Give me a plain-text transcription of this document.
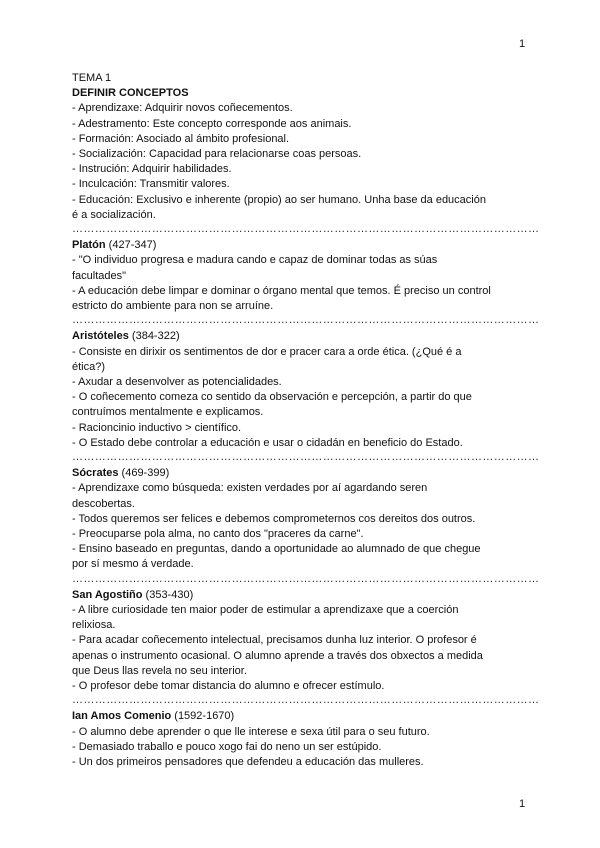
1
TEMA 1
DEFINIR CONCEPTOS
- Aprendizaxe: Adquirir novos coñecementos.
- Adestramento: Este concepto corresponde aos animais.
- Formación: Asociado al ámbito profesional.
- Socialización: Capacidad para relacionarse coas persoas.
- Instrución: Adquirir habilidades.
- Inculcación: Transmitir valores.
- Educación: Exclusivo e inherente (propio) ao ser humano. Unha base da educación é a socialización.
……………………………………………………………………………………………………………
Platón (427-347)
- "O individuo progresa e madura cando e capaz de dominar todas as súas facultades"
- A educación debe limpar e dominar o órgano mental que temos. É preciso un control estricto do ambiente para non se arruíne.
……………………………………………………………………………………………………………
Aristóteles (384-322)
- Consiste en dirixir os sentimentos de dor e pracer cara a orde ética. (¿Qué é a ética?)
- Axudar a desenvolver as potencialidades.
- O coñecemento comeza co sentido da observación e percepción, a partir do que contruímos mentalmente e explicamos.
- Racioncinio inductivo > científico.
- O Estado debe controlar a educación e usar o cidadán en beneficio do Estado.
……………………………………………………………………………………………………………
Sócrates (469-399)
- Aprendizaxe como búsqueda: existen verdades por aí agardando seren descobertas.
- Todos queremos ser felices e debemos comprometernos cos dereitos dos outros.
- Preocuparse pola alma, no canto dos "praceres da carne".
- Ensino baseado en preguntas, dando a oportunidade ao alumnado de que chegue por sí mesmo á verdade.
……………………………………………………………………………………………………………
San Agostiño (353-430)
- A libre curiosidade ten maior poder de estimular a aprendizaxe que a coerción relixiosa.
- Para acadar coñecemento intelectual, precisamos dunha luz interior. O profesor é apenas o instrumento ocasional. O alumno aprende a través dos obxectos a medida que Deus llas revela no seu interior.
- O profesor debe tomar distancia do alumno e ofrecer estímulo.
……………………………………………………………………………………………………………
Ian Amos Comenio (1592-1670)
- O alumno debe aprender o que lle interese e sexa útil para o seu futuro.
- Demasiado traballo e pouco xogo fai do neno un ser estúpido.
- Un dos primeiros pensadores que defendeu a educación das mulleres.
1
